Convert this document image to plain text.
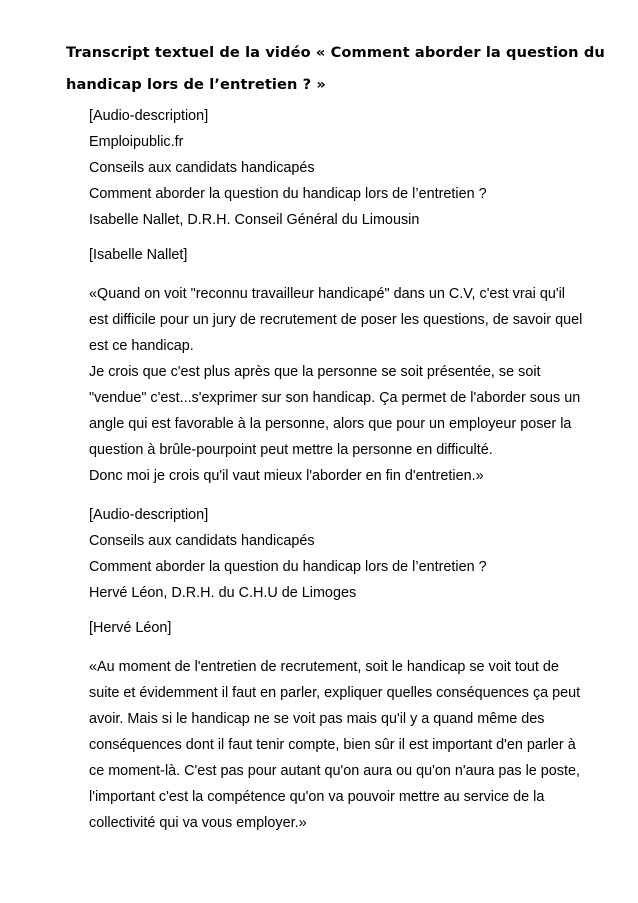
Transcript textuel de la vidéo « Comment aborder la question du
handicap lors de l’entretien ? »
[Audio-description]
Emploipublic.fr
Conseils aux candidats handicapés
Comment aborder la question du handicap lors de l’entretien ?
Isabelle Nallet, D.R.H. Conseil Général du Limousin
[Isabelle Nallet]
«Quand on voit "reconnu travailleur handicapé" dans un C.V, c'est vrai qu'il
est difficile pour un jury de recrutement de poser les questions, de savoir quel
est ce handicap.
Je crois que c'est plus après que la personne se soit présentée, se soit
"vendue" c'est...s'exprimer sur son handicap. Ça permet de l'aborder sous un
angle qui est favorable à la personne, alors que pour un employeur poser la
question à brûle-pourpoint peut mettre la personne en difficulté.
Donc moi je crois qu'il vaut mieux l'aborder en fin d'entretien.»
[Audio-description]
Conseils aux candidats handicapés
Comment aborder la question du handicap lors de l’entretien ?
Hervé Léon, D.R.H. du C.H.U de Limoges
[Hervé Léon]
«Au moment de l'entretien de recrutement, soit le handicap se voit tout de
suite et évidemment il faut en parler, expliquer quelles conséquences ça peut
avoir. Mais si le handicap ne se voit pas mais qu'il y a quand même des
conséquences dont il faut tenir compte, bien sûr il est important d'en parler à
ce moment-là. C'est pas pour autant qu'on aura ou qu'on n'aura pas le poste,
l'important c'est la compétence qu'on va pouvoir mettre au service de la
collectivité qui va vous employer.»
